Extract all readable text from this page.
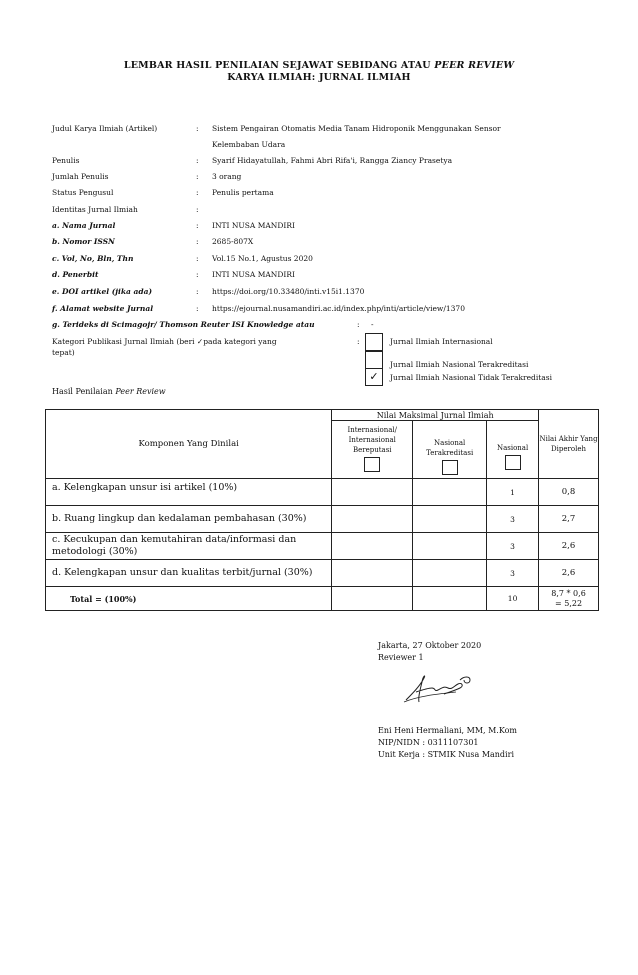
LEMBAR HASIL PENILAIAN SEJAWAT SEBIDANG ATAU PEER REVIEW
KARYA ILMIAH: JURNAL ILMIAH
Judul Karya Ilmiah (Artikel)	: Sistem Pengairan Otomatis Media Tanam Hidroponik Menggunakan Sensor
Kelembaban Udara
Penulis	: Syarif Hidayatullah, Fahmi Abri Rifa'i, Rangga Ziancy Prasetya
Jumlah Penulis	: 3 orang
Status Pengusul	: Penulis pertama
Identitas Jurnal Ilmiah	:
a. Nama Jurnal	: INTI NUSA MANDIRI
b. Nomor ISSN	: 2685-807X
c. Vol, No, Bln, Thn	: Vol.15 No.1, Agustus 2020
d. Penerbit	: INTI NUSA MANDIRI
e. DOI artikel (jika ada)	: https://doi.org/10.33480/inti.v15i1.1370
f. Alamat website Jurnal	: https://ejournal.nusamandiri.ac.id/index.php/inti/article/view/1370
g. Terideks di Scimagojr/ Thomson Reuter ISI Knowledge atau	: -
Kategori Publikasi Jurnal Ilmiah (beri ✓pada kategori yang
tepat)
:	Jurnal Ilmiah Internasional
Jurnal Ilmiah Nasional Terakreditasi
✓	Jurnal Ilmiah Nasional Tidak Terakreditasi
Hasil Penilaian Peer Review
Komponen Yang Dinilai	Nilai Maksimal Jurnal Ilmiah			Nilai Akhir Yang Diperoleh

	Internasional/ Internasional Bereputasi	Nasional Terakreditasi	Nasional	

a. Kelengkapan unsur isi artikel (10%)			1	0,8
b. Ruang lingkup dan kedalaman pembahasan (30%)			3	2,7
c. Kecukupan dan kemutahiran data/informasi dan metodologi (30%)			3	2,6
d. Kelengkapan unsur dan kualitas terbit/jurnal (30%)			3	2,6
Total = (100%)			10	8,7 * 0,6
= 5,22
Jakarta, 27 Oktober 2020
Reviewer 1
Eni Heni Hermaliani, MM, M.Kom
NIP/NIDN : 0311107301
Unit Kerja : STMIK Nusa Mandiri
